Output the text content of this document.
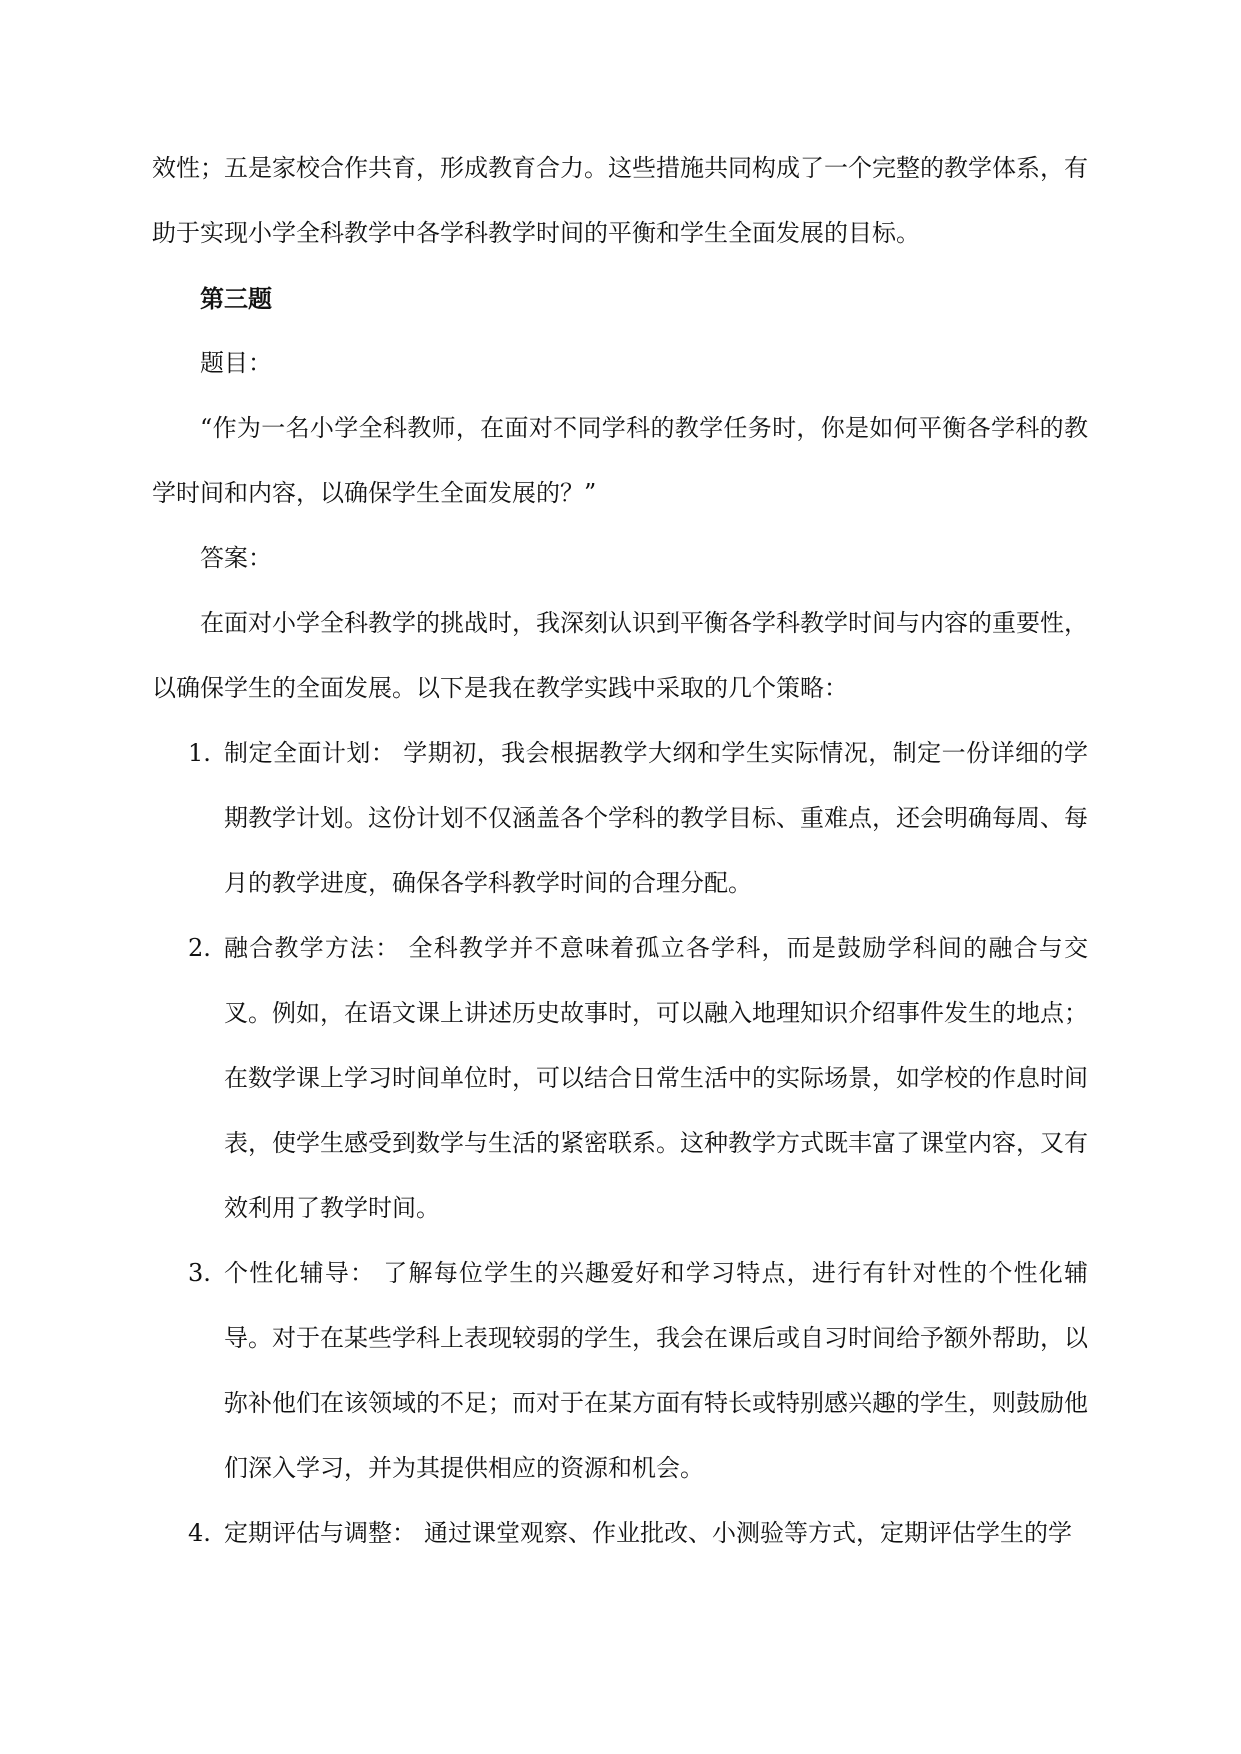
效性；五是家校合作共育，形成教育合力。这些措施共同构成了一个完整的教学体系，有助于实现小学全科教学中各学科教学时间的平衡和学生全面发展的目标。

第三题

题目：

“作为一名小学全科教师，在面对不同学科的教学任务时，你是如何平衡各学科的教学时间和内容，以确保学生全面发展的？”

答案：

在面对小学全科教学的挑战时，我深刻认识到平衡各学科教学时间与内容的重要性，以确保学生的全面发展。以下是我在教学实践中采取的几个策略：

1. 制定全面计划： 学期初，我会根据教学大纲和学生实际情况，制定一份详细的学期教学计划。这份计划不仅涵盖各个学科的教学目标、重难点，还会明确每周、每月的教学进度，确保各学科教学时间的合理分配。
2. 融合教学方法： 全科教学并不意味着孤立各学科，而是鼓励学科间的融合与交叉。例如，在语文课上讲述历史故事时，可以融入地理知识介绍事件发生的地点；在数学课上学习时间单位时，可以结合日常生活中的实际场景，如学校的作息时间表，使学生感受到数学与生活的紧密联系。这种教学方式既丰富了课堂内容，又有效利用了教学时间。
3. 个性化辅导： 了解每位学生的兴趣爱好和学习特点，进行有针对性的个性化辅导。对于在某些学科上表现较弱的学生，我会在课后或自习时间给予额外帮助，以弥补他们在该领域的不足；而对于在某方面有特长或特别感兴趣的学生，则鼓励他们深入学习，并为其提供相应的资源和机会。
4. 定期评估与调整： 通过课堂观察、作业批改、小测验等方式，定期评估学生的学
